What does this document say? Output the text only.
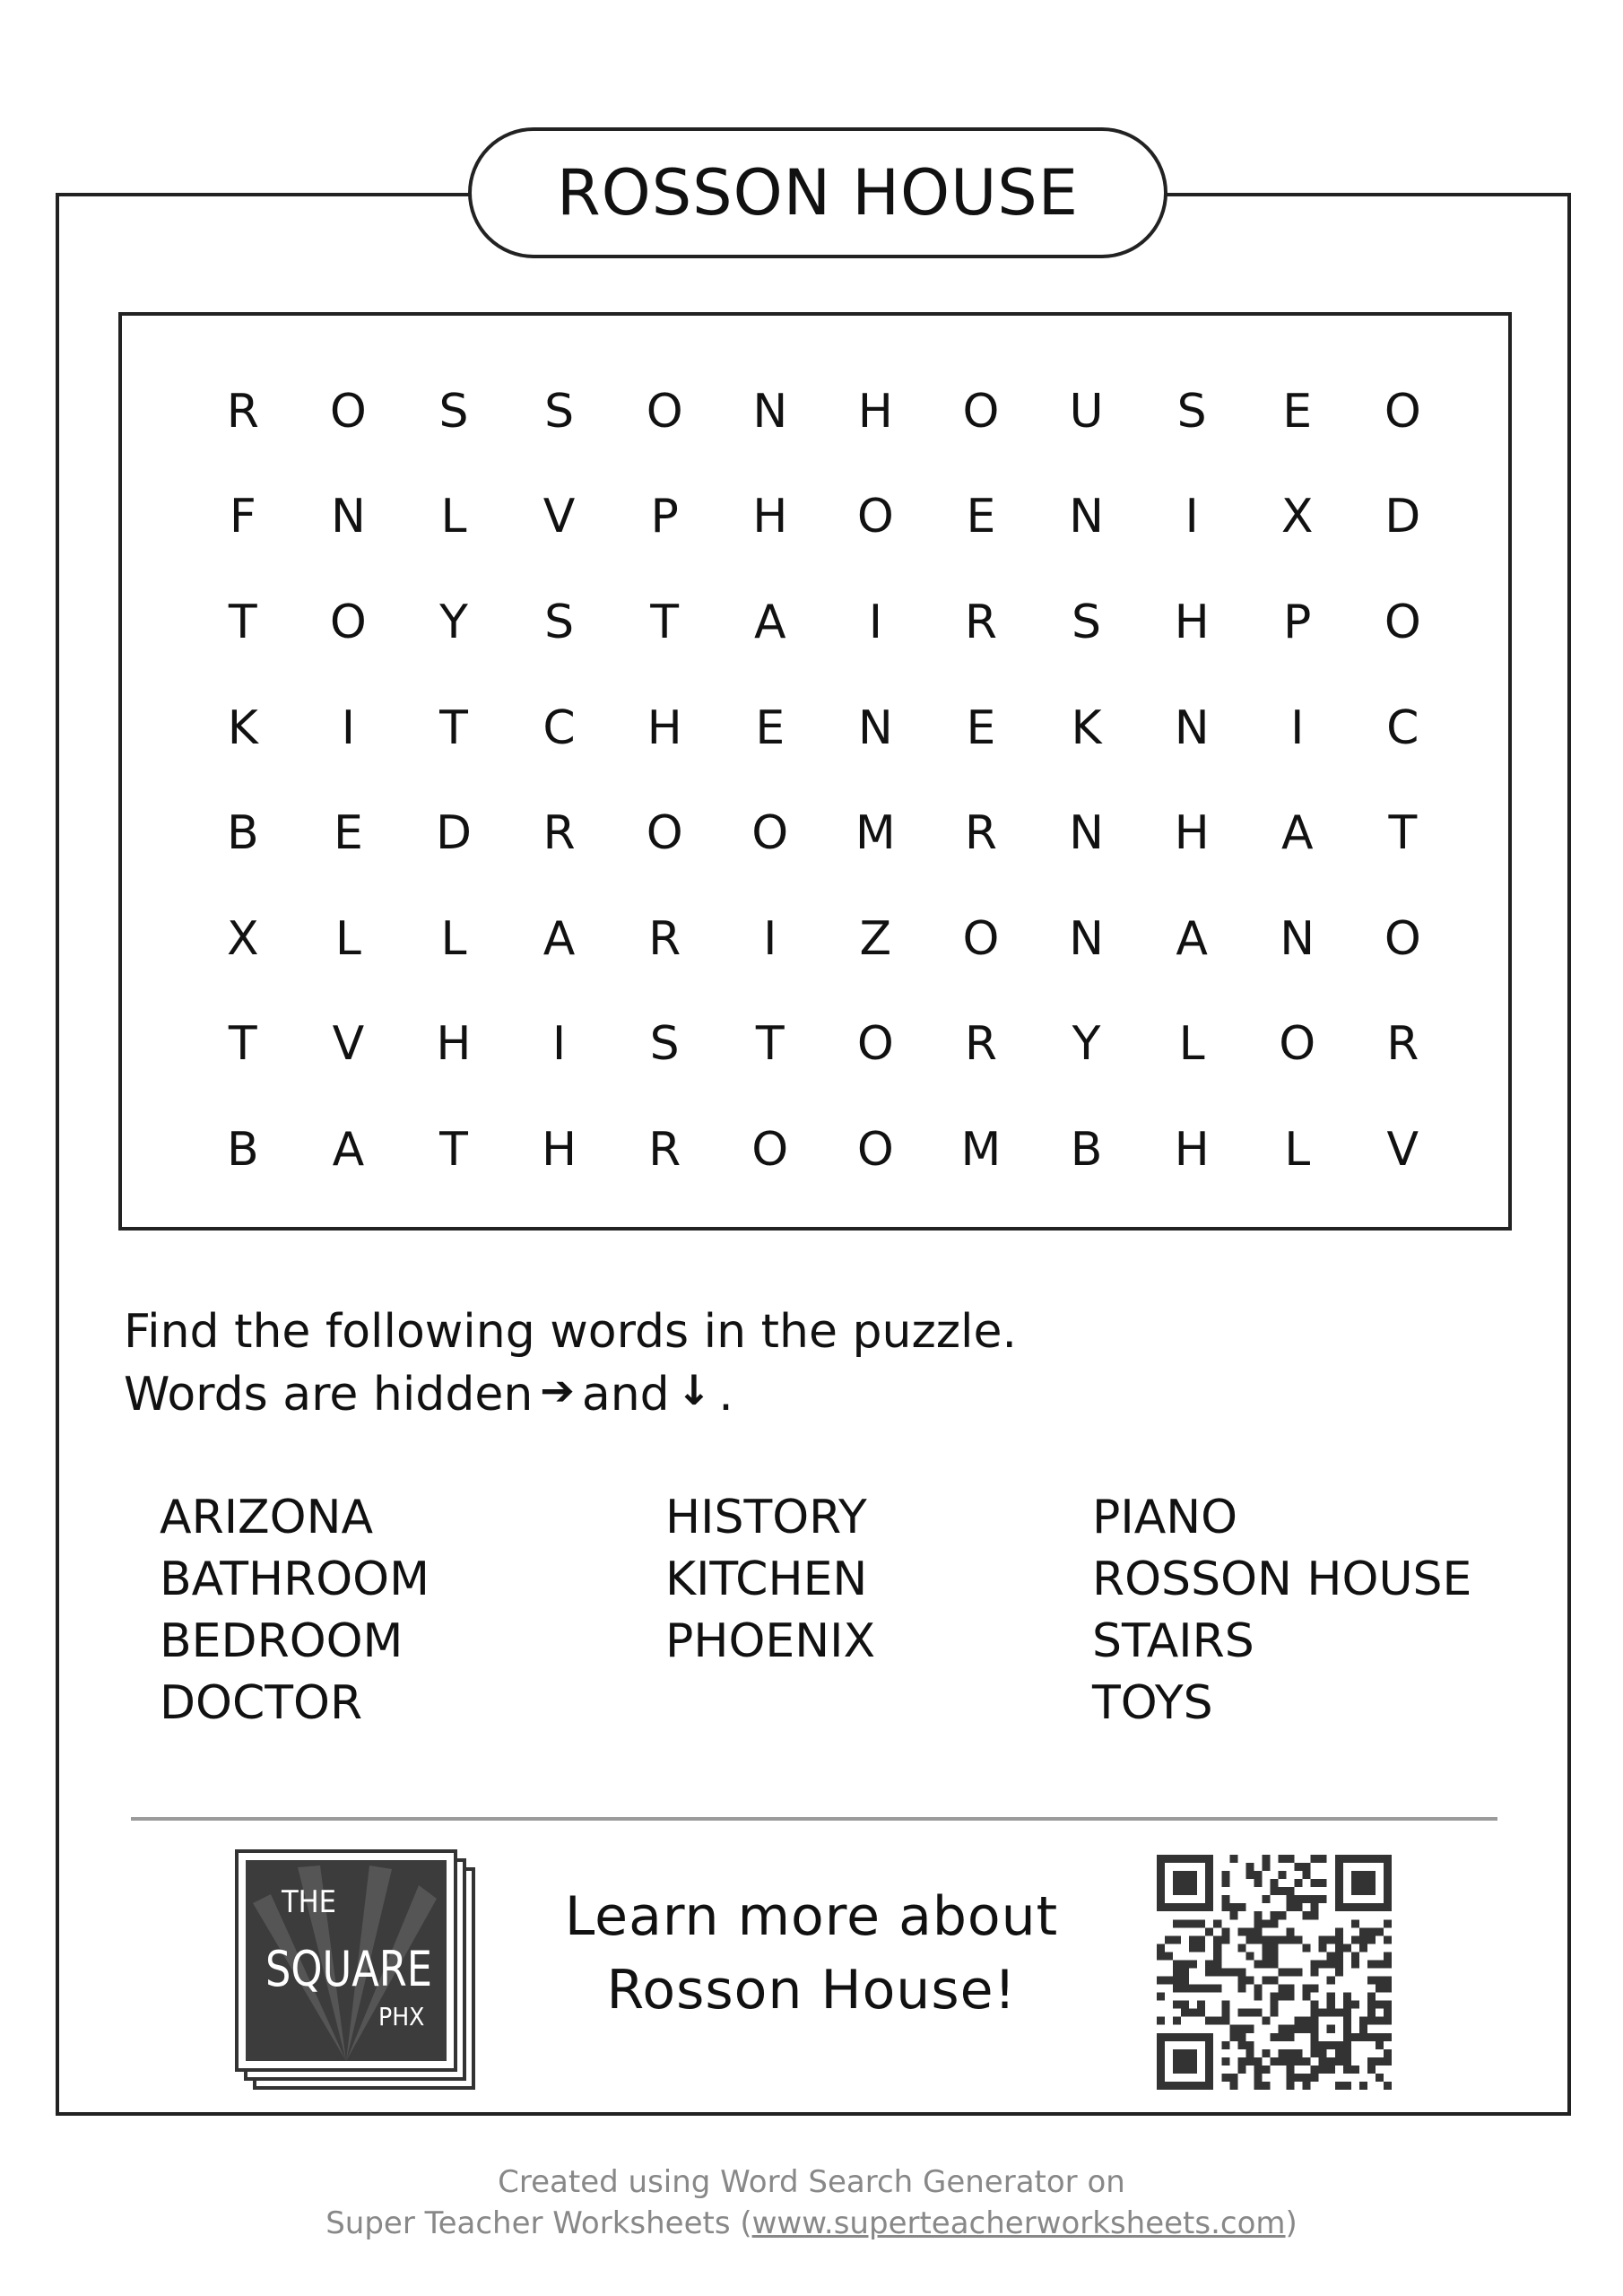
ROSSON HOUSE
R	O	S	S	O	N	H	O	U	S	E	O
F	N	L	V	P	H	O	E	N	I	X	D
T	O	Y	S	T	A	I	R	S	H	P	O
K	I	T	C	H	E	N	E	K	N	I	C
B	E	D	R	O	O	M	R	N	H	A	T
X	L	L	A	R	I	Z	O	N	A	N	O
T	V	H	I	S	T	O	R	Y	L	O	R
B	A	T	H	R	O	O	M	B	H	L	V
Find the following words in the puzzle.
Words are hidden ➔ and ↓ .
ARIZONA
BATHROOM
BEDROOM
DOCTOR
HISTORY
KITCHEN
PHOENIX
PIANO
ROSSON HOUSE
STAIRS
TOYS
THE
SQUARE
PHX
Learn more about
Rosson House!
Created using Word Search Generator on
Super Teacher Worksheets (www.superteacherworksheets.com)
